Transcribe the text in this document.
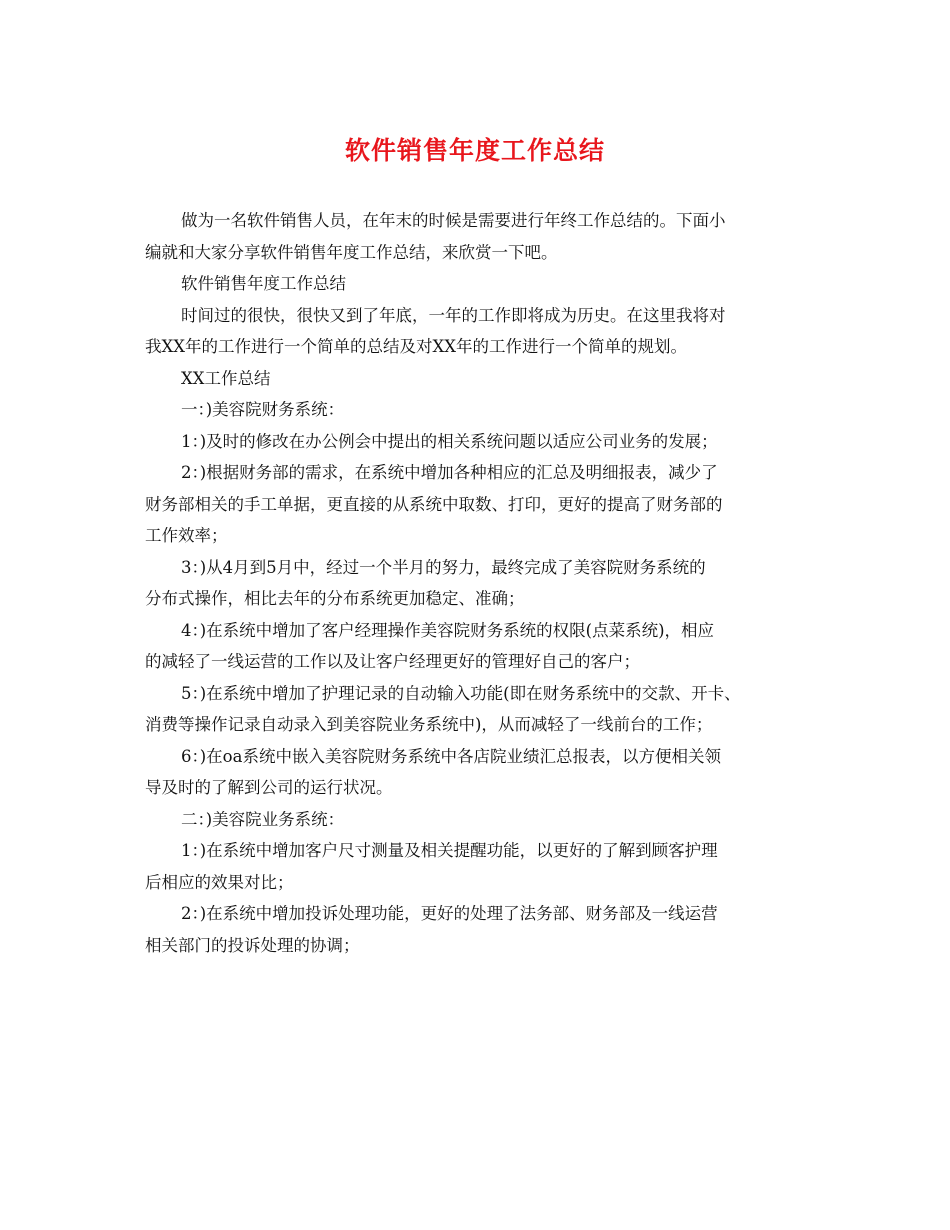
软件销售年度工作总结

做为一名软件销售人员，在年末的时候是需要进行年终工作总结的。下面小
编就和大家分享软件销售年度工作总结，来欣赏一下吧。

软件销售年度工作总结

时间过的很快，很快又到了年底，一年的工作即将成为历史。在这里我将对
我XX年的工作进行一个简单的总结及对XX年的工作进行一个简单的规划。

XX工作总结

一：)美容院财务系统：

1：)及时的修改在办公例会中提出的相关系统问题以适应公司业务的发展；

2：)根据财务部的需求，在系统中增加各种相应的汇总及明细报表，减少了
财务部相关的手工单据，更直接的从系统中取数、打印，更好的提高了财务部的
工作效率；

3：)从4月到5月中，经过一个半月的努力，最终完成了美容院财务系统的
分布式操作，相比去年的分布系统更加稳定、准确；

4：)在系统中增加了客户经理操作美容院财务系统的权限(点菜系统)，相应
的减轻了一线运营的工作以及让客户经理更好的管理好自己的客户；

5：)在系统中增加了护理记录的自动输入功能(即在财务系统中的交款、开卡、
消费等操作记录自动录入到美容院业务系统中)，从而减轻了一线前台的工作；

6：)在oa系统中嵌入美容院财务系统中各店院业绩汇总报表，以方便相关领
导及时的了解到公司的运行状况。

二：)美容院业务系统：

1：)在系统中增加客户尺寸测量及相关提醒功能，以更好的了解到顾客护理
后相应的效果对比；

2：)在系统中增加投诉处理功能，更好的处理了法务部、财务部及一线运营
相关部门的投诉处理的协调；
